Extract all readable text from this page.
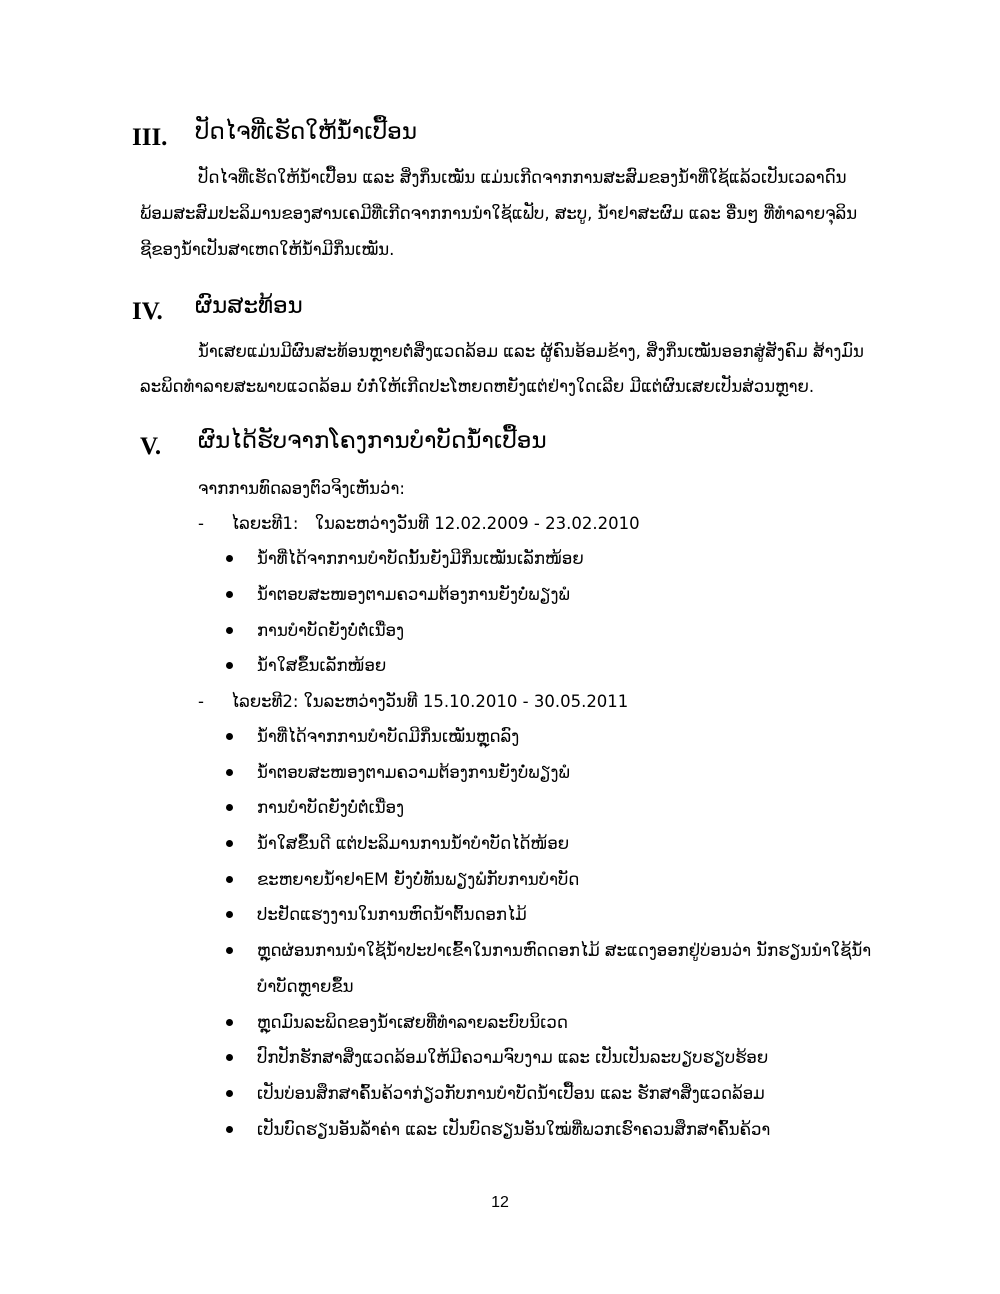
III. ປັດໄຈທີ່ເຮັດໃຫ້ນ້ຳເປື້ອນ
ປັດໄຈທີ່ເຮັດໃຫ້ນ້ຳເປື້ອນ ແລະ ສິ່ງກິ່ນເໝັນ ແມ່ນເກີດຈາກການສະສົມຂອງນ້ຳທີ່ໃຊ້ແລ້ວເປັນເວລາດົນ
ພ້ອມສະສົມປະລິມານຂອງສານເຄມີທີ່ເກີດຈາກການນຳໃຊ້ແຟັບ, ສະບູ, ນ້ຳຢາສະຜົມ ແລະ ອື່ນໆ ທີ່ທຳລາຍຈຸລິນ
ຊີຂອງນ້ຳເປັນສາເຫດໃຫ້ນ້ຳມີກິ່ນເໝັນ.
IV. ຜົນສະທ້ອນ
ນ້ຳເສຍແມ່ນມີຜົນສະທ້ອນຫຼາຍຕໍ່ສິ່ງແວດລ້ອມ ແລະ ຜູ້ຄົນອ້ອມຂ້າງ, ສິ່ງກິ່ນເໝັນອອກສູ່ສັງຄົມ ສ້າງມົນ
ລະພິດທຳລາຍສະພາບແວດລ້ອມ ບໍ່ກໍ່ໃຫ້ເກີດປະໂຫຍດຫຍັງແຕ່ຢ່າງໃດເລີຍ ມີແຕ່ຜົນເສຍເປັນສ່ວນຫຼາຍ.
V. ຜົນໄດ້ຮັບຈາກໂຄງການບຳບັດນ້ຳເປື້ອນ
ຈາກການທົດລອງຕົວຈິງເຫັນວ່າ:
- ໄລຍະທີ1: ໃນລະຫວ່າງວັນທີ 12.02.2009 - 23.02.2010
ນ້ຳທີ່ໄດ້ຈາກການບຳບັດນັ້ນຍັງມີກິ່ນເໝັນເລັກໜ້ອຍ
ນ້ຳຕອບສະໜອງຕາມຄວາມຕ້ອງການຍັງບໍ່ພຽງພໍ
ການບຳບັດຍັງບໍ່ຕໍ່ເນື່ອງ
ນ້ຳໃສຂຶ້ນເລັກໜ້ອຍ
- ໄລຍະທີ2: ໃນລະຫວ່າງວັນທີ 15.10.2010 - 30.05.2011
ນ້ຳທີ່ໄດ້ຈາກການບຳບັດມີກິ່ນເໝັນຫຼຸດລົງ
ນ້ຳຕອບສະໜອງຕາມຄວາມຕ້ອງການຍັງບໍ່ພຽງພໍ
ການບຳບັດຍັງບໍ່ຕໍ່ເນື່ອງ
ນ້ຳໃສຂຶ້ນດີ ແຕ່ປະລິມານການນ້ຳບຳບັດໄດ້ໜ້ອຍ
ຂະຫຍາຍນ້ຳຢາEM ຍັງບໍ່ທັນພຽງພໍກັບການບຳບັດ
ປະຢັດແຮງງານໃນການຫົດນ້ຳຕົ້ນດອກໄມ້
ຫຼຸດຜ່ອນການນຳໃຊ້ນ້ຳປະປາເຂົ້າໃນການຫົດດອກໄມ້ ສະແດງອອກຢູ່ບ່ອນວ່າ ນັກຮຽນນຳໃຊ້ນ້ຳ
ບຳບັດຫຼາຍຂຶ້ນ
ຫຼຸດມົນລະພິດຂອງນ້ຳເສຍທີ່ທຳລາຍລະບົບນິເວດ
ປົກປັກຮັກສາສິ່ງແວດລ້ອມໃຫ້ມີຄວາມຈົບງາມ ແລະ ເປັນເປັນລະບຽບຮຽບຮ້ອຍ
ເປັນບ່ອນສຶກສາຄົ້ນຄ້ວາກ່ຽວກັບການບຳບັດນ້ຳເປື້ອນ ແລະ ຮັກສາສິ່ງແວດລ້ອມ
ເປັນບົດຮຽນອັນລ້ຳຄ່າ ແລະ ເປັນບົດຮຽນອັນໃໝ່ທີ່ພວກເຮົາຄວນສຶກສາຄົ້ນຄ້ວາ
12
